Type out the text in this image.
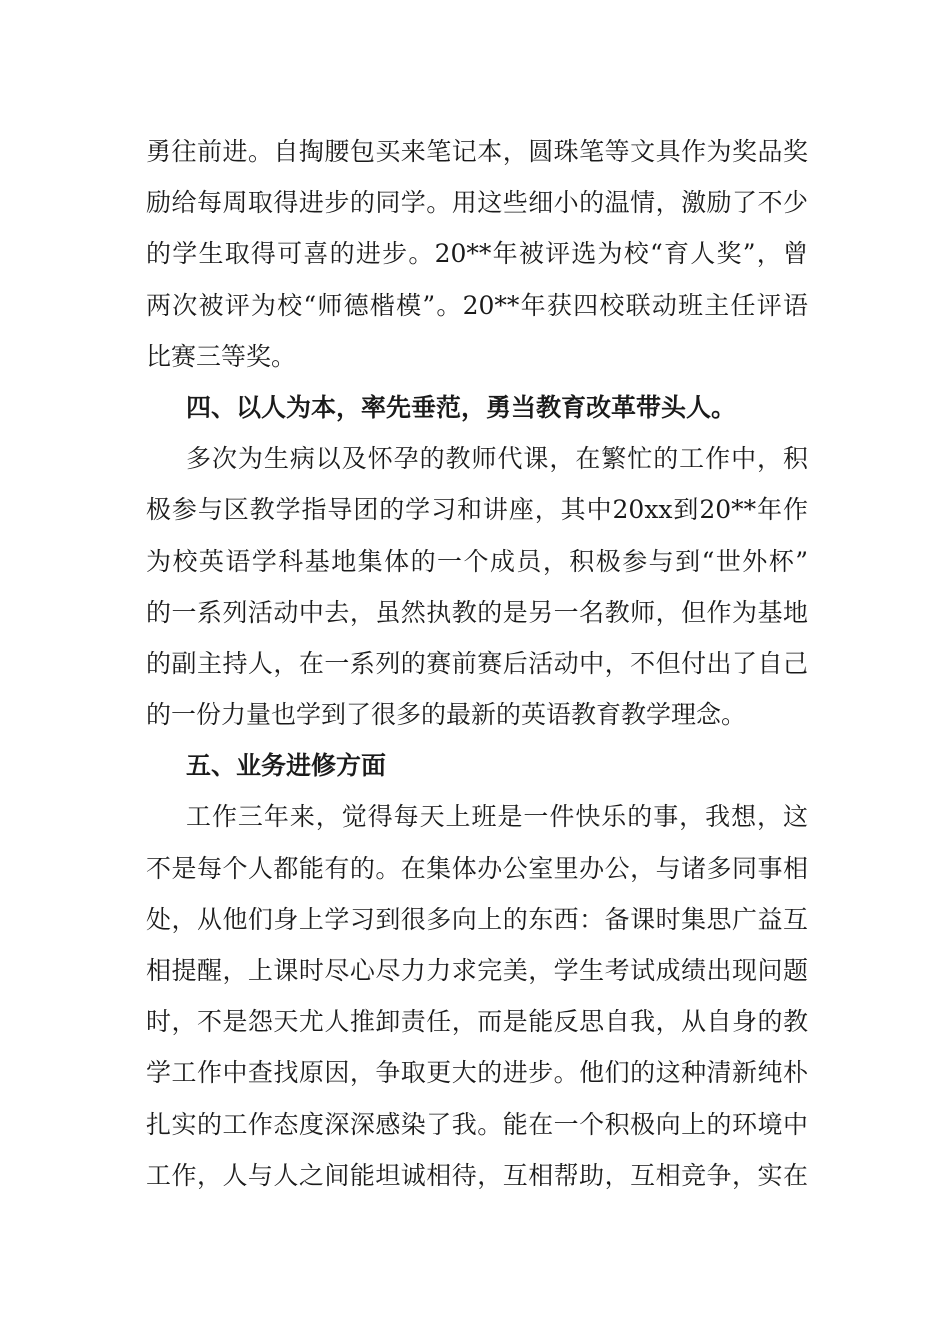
勇往前进。自掏腰包买来笔记本，圆珠笔等文具作为奖品奖
励给每周取得进步的同学。用这些细小的温情，激励了不少
的学生取得可喜的进步。20**年被评选为校“育人奖”，曾
两次被评为校“师德楷模”。20**年获四校联动班主任评语
比赛三等奖。
四、以人为本，率先垂范，勇当教育改革带头人。
多次为生病以及怀孕的教师代课，在繁忙的工作中，积
极参与区教学指导团的学习和讲座，其中20xx到20**年作
为校英语学科基地集体的一个成员，积极参与到“世外杯”
的一系列活动中去，虽然执教的是另一名教师，但作为基地
的副主持人，在一系列的赛前赛后活动中，不但付出了自己
的一份力量也学到了很多的最新的英语教育教学理念。
五、业务进修方面
工作三年来，觉得每天上班是一件快乐的事，我想，这
不是每个人都能有的。在集体办公室里办公，与诸多同事相
处，从他们身上学习到很多向上的东西：备课时集思广益互
相提醒，上课时尽心尽力力求完美，学生考试成绩出现问题
时，不是怨天尤人推卸责任，而是能反思自我，从自身的教
学工作中查找原因，争取更大的进步。他们的这种清新纯朴
扎实的工作态度深深感染了我。能在一个积极向上的环境中
工作，人与人之间能坦诚相待，互相帮助，互相竞争，实在
